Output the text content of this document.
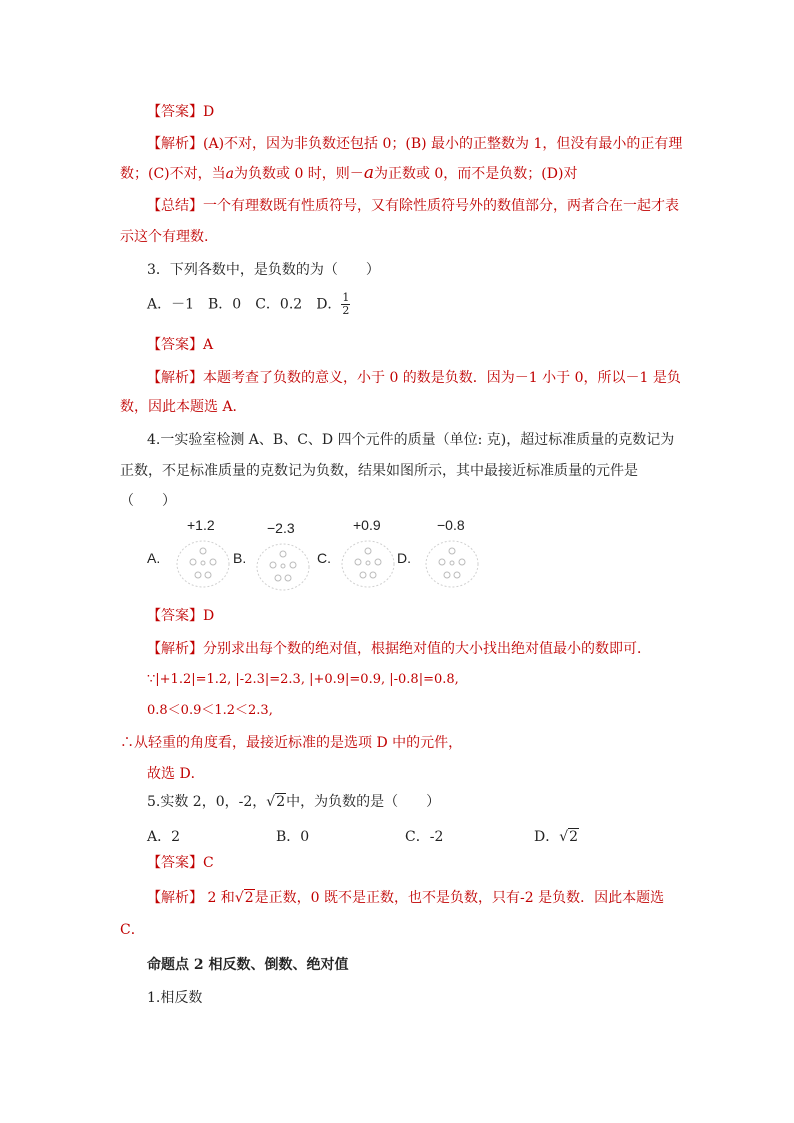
【答案】D
【解析】(A)不对，因为非负数还包括 0；(B) 最小的正整数为 1，但没有最小的正有理
数；(C)不对，当a为负数或 0 时，则－a为正数或 0，而不是负数；(D)对
【总结】一个有理数既有性质符号，又有除性质符号外的数值部分，两者合在一起才表
示这个有理数.
3．下列各数中，是负数的为（　　）
A．－1　B．0　C．0.2　D． $\frac{1}{2}$
【答案】A
【解析】本题考查了负数的意义，小于 0 的数是负数．因为－1 小于 0，所以－1 是负
数，因此本题选 A．
4.一实验室检测 A、B、C、D 四个元件的质量（单位: 克)，超过标准质量的克数记为
正数，不足标准质量的克数记为负数，结果如图所示，其中最接近标准质量的元件是
（　　）
A.
+1.2
B.
−2.3
C.
+0.9
D.
−0.8
【答案】D
【解析】分别求出每个数的绝对值，根据绝对值的大小找出绝对值最小的数即可．
∵|+1.2|=1.2, |-2.3|=2.3, |+0.9|=0.9, |-0.8|=0.8,
0.8＜0.9＜1.2＜2.3,
∴从轻重的角度看，最接近标准的是选项 D 中的元件，
故选 D．
5.实数 2，0，-2，√2中，为负数的是（　　）
A．2	B．0	C．-2	D．√2
【答案】C
【解析】 2 和√2是正数，0 既不是正数，也不是负数，只有-2 是负数．因此本题选
C．
命题点 2 相反数、倒数、绝对值
1.相反数
